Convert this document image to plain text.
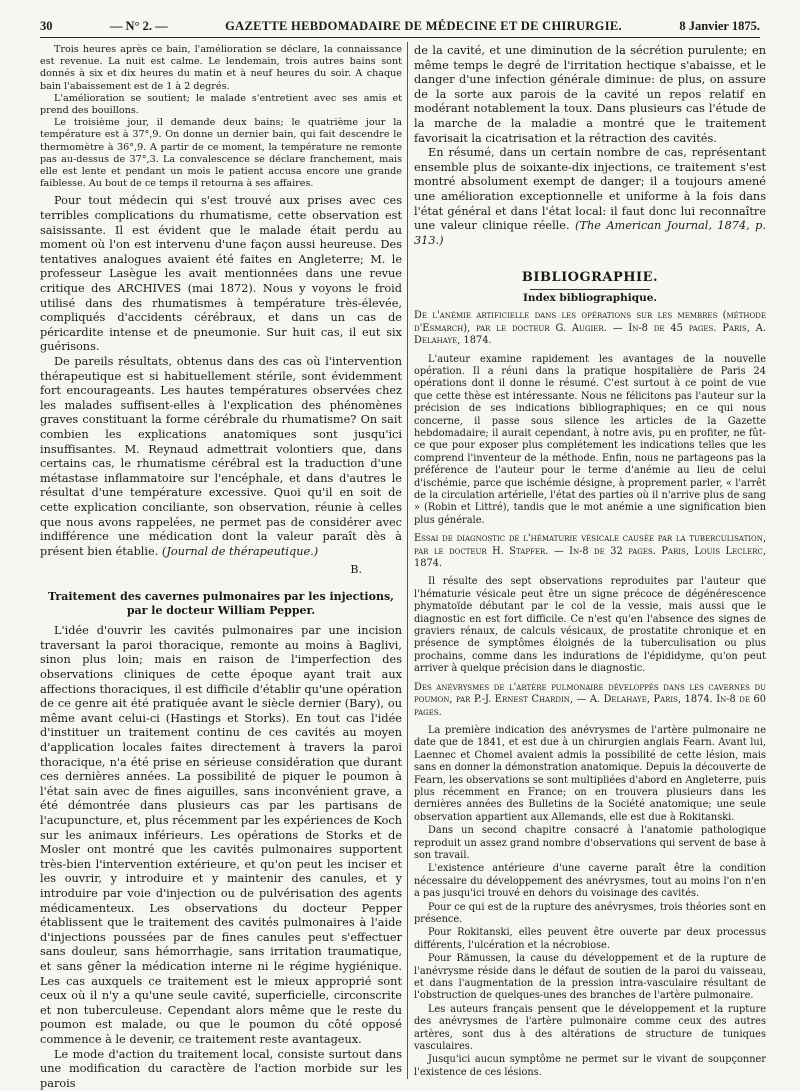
30	— N° 2. —	GAZETTE HEBDOMADAIRE DE MÉDECINE ET DE CHIRURGIE.	8 Janvier 1875.

Trois heures après ce bain, l'amélioration se déclare, la connaissance est revenue. La nuit est calme. Le lendemain, trois autres bains sont donnés à six et dix heures du matin et à neuf heures du soir. A chaque bain l'abaissement est de 1 à 2 degrés.

L'amélioration se soutient; le malade s'entretient avec ses amis et prend des bouillons.

Le troisième jour, il demande deux bains; le quatrième jour la température est à 37°,9. On donne un dernier bain, qui fait descendre le thermomètre à 36°,9. A partir de ce moment, la température ne remonte pas au-dessus de 37°,3. La convalescence se déclare franchement, mais elle est lente et pendant un mois le patient accusa encore une grande faiblesse. Au bout de ce temps il retourna à ses affaires.

Pour tout médecin qui s'est trouvé aux prises avec ces terribles complications du rhumatisme, cette observation est saisissante. Il est évident que le malade était perdu au moment où l'on est intervenu d'une façon aussi heureuse. Des tentatives analogues avaient été faites en Angleterre; M. le professeur Lasègue les avait mentionnées dans une revue critique des ARCHIVES (mai 1872). Nous y voyons le froid utilisé dans des rhumatismes à température très-élevée, compliqués d'accidents cérébraux, et dans un cas de péricardite intense et de pneumonie. Sur huit cas, il eut six guérisons.

De pareils résultats, obtenus dans des cas où l'intervention thérapeutique est si habituellement stérile, sont évidemment fort encourageants. Les hautes températures observées chez les malades suffisent-elles à l'explication des phénomènes graves constituant la forme cérébrale du rhumatisme? On sait combien les explications anatomiques sont jusqu'ici insuffisantes. M. Reynaud admettrait volontiers que, dans certains cas, le rhumatisme cérébral est la traduction d'une métastase inflammatoire sur l'encéphale, et dans d'autres le résultat d'une température excessive. Quoi qu'il en soit de cette explication conciliante, son observation, réunie à celles que nous avons rappelées, ne permet pas de considérer avec indifférence une médication dont la valeur paraît dès à présent bien établie. (Journal de thérapeutique.)

B.

Traitement des cavernes pulmonaires par les injections, par le docteur William Pepper.

L'idée d'ouvrir les cavités pulmonaires par une incision traversant la paroi thoracique, remonte au moins à Baglivi, sinon plus loin; mais en raison de l'imperfection des observations cliniques de cette époque ayant trait aux affections thoraciques, il est difficile d'établir qu'une opération de ce genre ait été pratiquée avant le siècle dernier (Bary), ou même avant celui-ci (Hastings et Storks). En tout cas l'idée d'instituer un traitement continu de ces cavités au moyen d'application locales faites directement à travers la paroi thoracique, n'a été prise en sérieuse considération que durant ces dernières années. La possibilité de piquer le poumon à l'état sain avec de fines aiguilles, sans inconvénient grave, a été démontrée dans plusieurs cas par les partisans de l'acupuncture, et, plus récemment par les expériences de Koch sur les animaux inférieurs. Les opérations de Storks et de Mosler ont montré que les cavités pulmonaires supportent très-bien l'intervention extérieure, et qu'on peut les inciser et les ouvrir, y introduire et y maintenir des canules, et y introduire par voie d'injection ou de pulvérisation des agents médicamenteux. Les observations du docteur Pepper établissent que le traitement des cavités pulmonaires à l'aide d'injections poussées par de fines canules peut s'effectuer sans douleur, sans hémorrhagie, sans irritation traumatique, et sans gêner la médication interne ni le régime hygiénique. Les cas auxquels ce traitement est le mieux approprié sont ceux où il n'y a qu'une seule cavité, superficielle, circonscrite et non tuberculeuse. Cependant alors même que le reste du poumon est malade, ou que le poumon du côté opposé commence à le devenir, ce traitement reste avantageux.

Le mode d'action du traitement local, consiste surtout dans une modification du caractère de l'action morbide sur les parois

de la cavité, et une diminution de la sécrétion purulente; en même temps le degré de l'irritation hectique s'abaisse, et le danger d'une infection générale diminue: de plus, on assure de la sorte aux parois de la cavité un repos relatif en modérant notablement la toux. Dans plusieurs cas l'étude de la marche de la maladie a montré que le traitement favorisait la cicatrisation et la rétraction des cavités.

En résumé, dans un certain nombre de cas, représentant ensemble plus de soixante-dix injections, ce traitement s'est montré absolument exempt de danger; il a toujours amené une amélioration exceptionnelle et uniforme à la fois dans l'état général et dans l'état local: il faut donc lui reconnaître une valeur clinique réelle. (The American Journal, 1874, p. 313.)

BIBLIOGRAPHIE.
Index bibliographique.

De l'anémie artificielle dans les opérations sur les membres (méthode d'Esmarch), par le docteur G. Augier. — In-8 de 45 pages. Paris, A. Delahaye, 1874.

L'auteur examine rapidement les avantages de la nouvelle opération. Il a réuni dans la pratique hospitalière de Paris 24 opérations dont il donne le résumé. C'est surtout à ce point de vue que cette thèse est intéressante. Nous ne félicitons pas l'auteur sur la précision de ses indications bibliographiques; en ce qui nous concerne, il passe sous silence les articles de la Gazette hebdomadaire; il aurait cependant, à notre avis, pu en profiter, ne fût-ce que pour exposer plus complétement les indications telles que les comprend l'inventeur de la méthode. Enfin, nous ne partageons pas la préférence de l'auteur pour le terme d'anémie au lieu de celui d'ischémie, parce que ischémie désigne, à proprement parler, « l'arrêt de la circulation artérielle, l'état des parties où il n'arrive plus de sang » (Robin et Littré), tandis que le mot anémie a une signification bien plus générale.

Essai de diagnostic de l'hématurie vésicale causée par la tuberculisation, par le docteur H. Stapfer. — In-8 de 32 pages. Paris, Louis Leclerc, 1874.

Il résulte des sept observations reproduites par l'auteur que l'hématurie vésicale peut être un signe précoce de dégénérescence phymatoïde débutant par le col de la vessie, mais aussi que le diagnostic en est fort difficile. Ce n'est qu'en l'absence des signes de graviers rénaux, de calculs vésicaux, de prostatite chronique et en présence de symptômes éloignés de la tuberculisation ou plus prochains, comme dans les indurations de l'épididyme, qu'on peut arriver à quelque précision dans le diagnostic.

Des anévrysmes de l'artère pulmonaire développés dans les cavernes du poumon, par P.-J. Ernest Chardin, — A. Delahaye, Paris, 1874. In-8 de 60 pages.

La première indication des anévrysmes de l'artère pulmonaire ne date que de 1841, et est due à un chirurgien anglais Fearn. Avant lui, Laennec et Chomel avaient admis la possibilité de cette lésion, mais sans en donner la démonstration anatomique. Depuis la découverte de Fearn, les observations se sont multipliées d'abord en Angleterre, puis plus récemment en France; on en trouvera plusieurs dans les dernières années des Bulletins de la Société anatomique; une seule observation appartient aux Allemands, elle est due à Rokitanski.

Dans un second chapitre consacré à l'anatomie pathologique reproduit un assez grand nombre d'observations qui servent de base à son travail.

L'existence antérieure d'une caverne paraît être la condition nécessaire du développement des anévrysmes, tout au moins l'on n'en a pas jusqu'ici trouvé en dehors du voisinage des cavités.

Pour ce qui est de la rupture des anévrysmes, trois théories sont en présence.

Pour Rokitanski, elles peuvent être ouverte par deux processus différents, l'ulcération et la nécrobiose.

Pour Rämussen, la cause du développement et de la rupture de l'anévrysme réside dans le défaut de soutien de la paroi du vaisseau, et dans l'augmentation de la pression intra-vasculaire résultant de l'obstruction de quelques-unes des branches de l'artère pulmonaire.

Les auteurs français pensent que le développement et la rupture des anévrysmes de l'artère pulmonaire comme ceux des autres artères, sont dus à des altérations de structure de tuniques vasculaires.

Jusqu'ici aucun symptôme ne permet sur le vivant de soupçonner l'existence de ces lésions.
